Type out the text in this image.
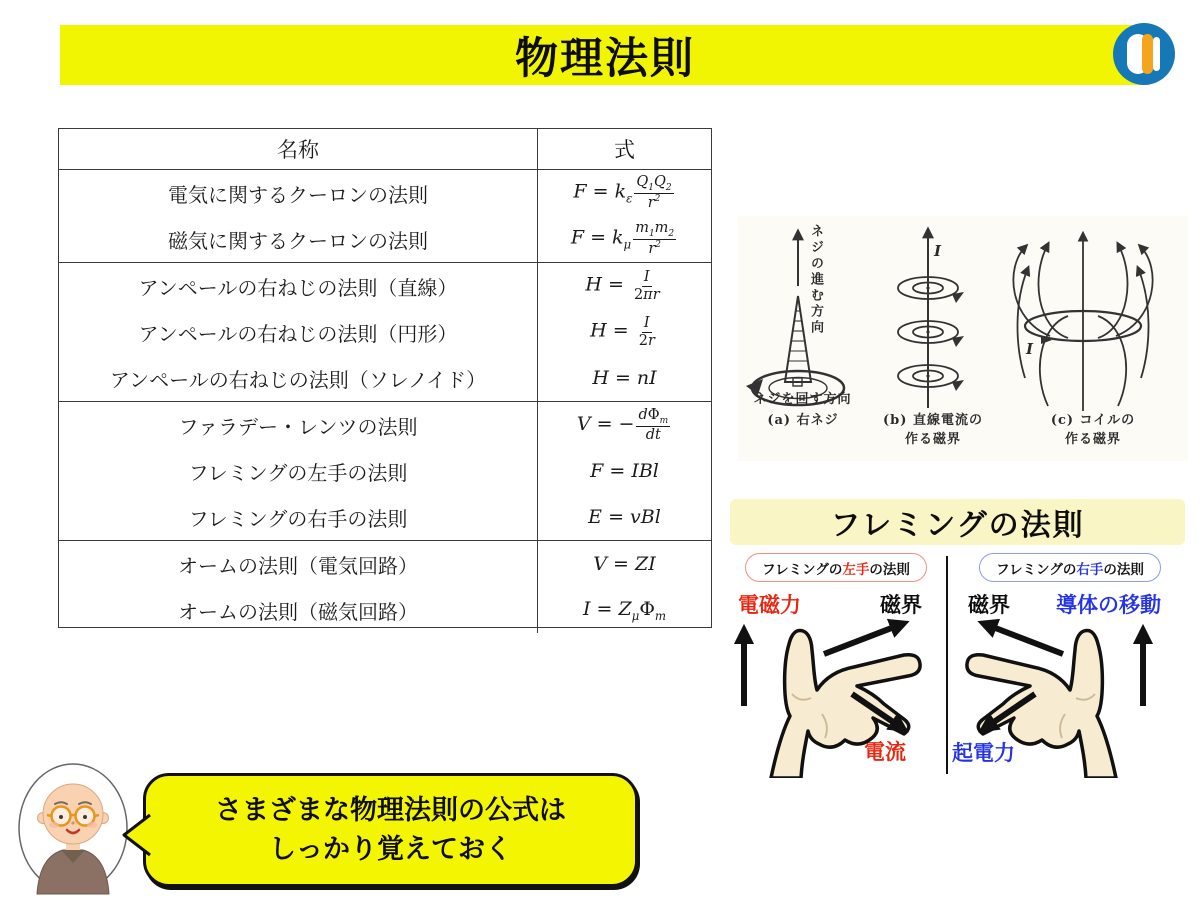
物理法則
名称	式
電気に関するクーロンの法則	$F = k_\varepsilon \frac{Q_1Q_2}{r^2}$
磁気に関するクーロンの法則	$F = k_\mu \frac{m_1m_2}{r^2}$
アンペールの右ねじの法則（直線）	$H = \frac{I}{2\pi r}$
アンペールの右ねじの法則（円形）	$H = \frac{I}{2r}$
アンペールの右ねじの法則（ソレノイド）	H = nI
ファラデー・レンツの法則	V = − $\frac{d\Phi_m}{dt}$
フレミングの左手の法則	F = IBl
フレミングの右手の法則	E = vBl
オームの法則（電気回路）	V = ZI
オームの法則（磁気回路）	$I = Z_\mu\Phi_m$
ネジの進む方向
ネジを回す方向
(a) 右ネジ
I
(b) 直線電流の
作る磁界
I
(c) コイルの
作る磁界
フレミングの法則
フレミングの 左手 の法則	フレミングの 右手 の法則
電磁力	磁界 磁界 導体の移動
電流 起電力
さまざまな物理法則の公式は
しっかり覚えておく
